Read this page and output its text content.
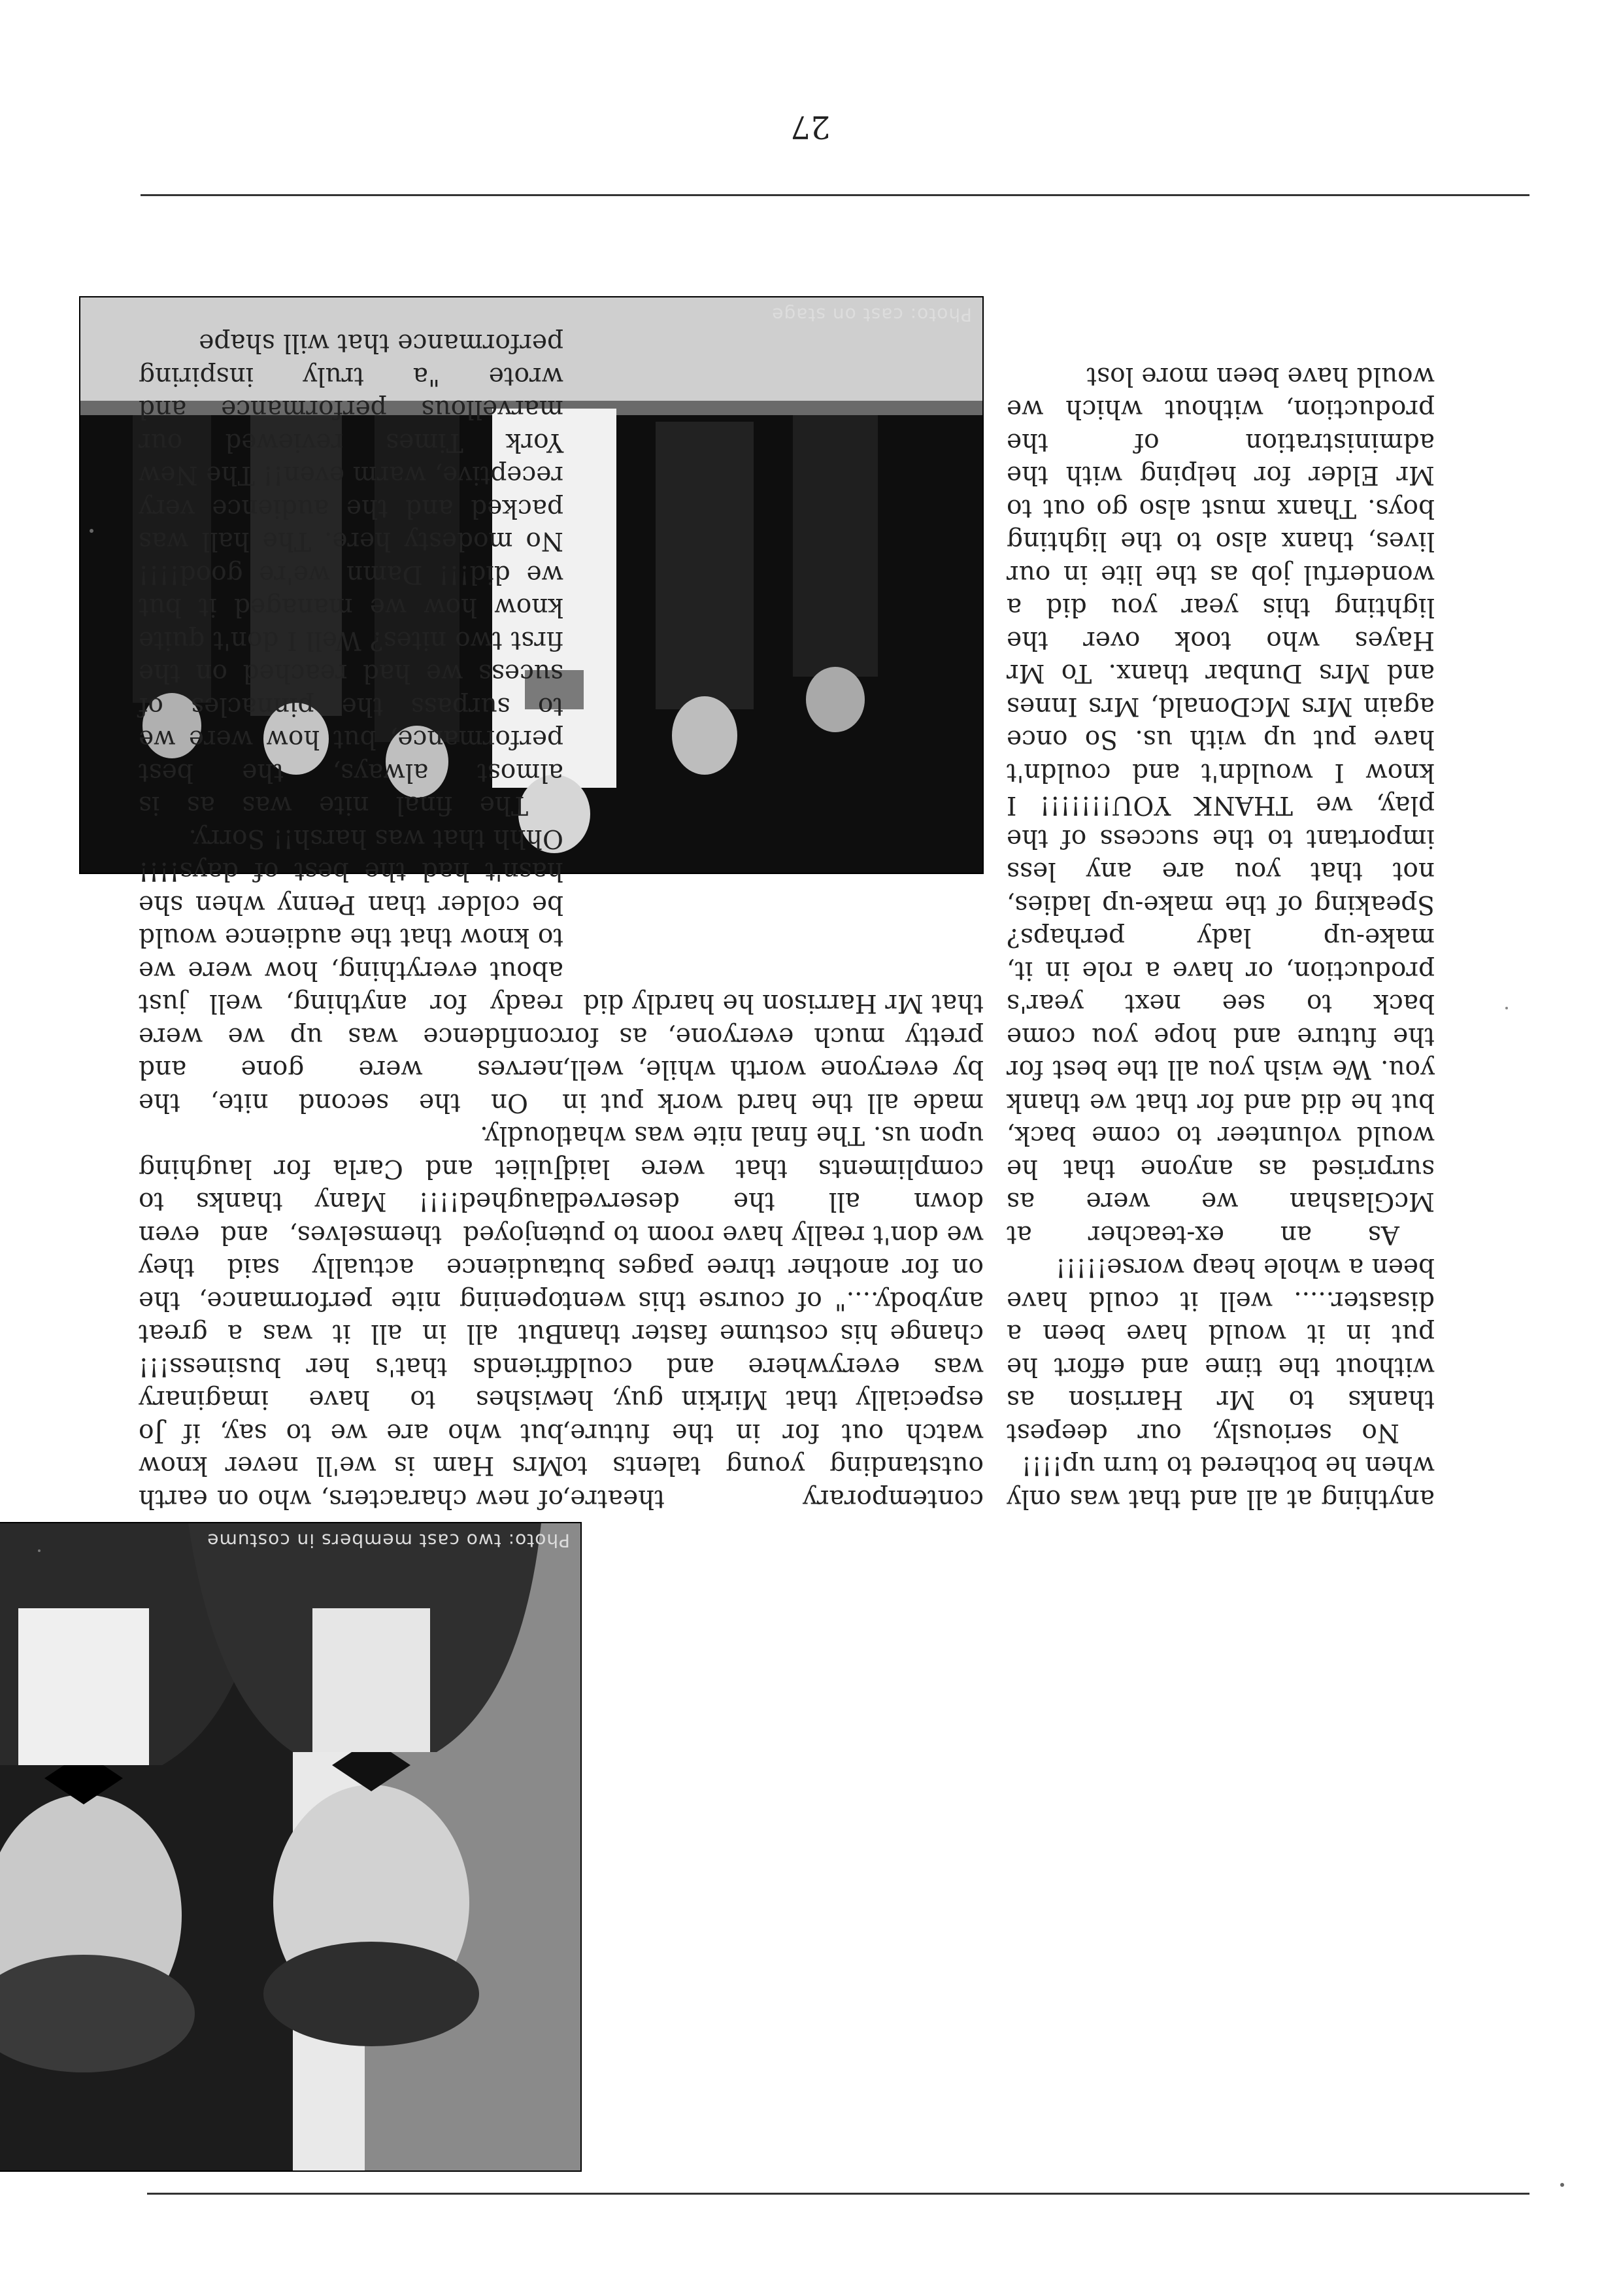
27
Photo: two cast members in costume
Photo: cast on stage

of new characters, who on earth Mrs Ham is we'll never know but who are we to say, if Jo wishes to have imaginary friends that's her business!!! But all in all it was a great opening nite performance, the audience actually said they enjoyed themselves, and even laughed!!!! Many thanks to Juliet and Carla for laughing loudly.

On the second nite, the nerves were gone and confidence was up we were ready for anything, well just about everything, how were we to know that the audience would be colder than Penny when she hasn't had the best of days!!!! Ohhh that was harsh!! Sorry.

The final nite was as is almost always, the best performance, but how were we to surpass the pinnacles of sucess we had reached on the first two nites? Well I don't quite know how we managed it but we did!!! Damn we're good!!!! No modesty here. The hall was packed and the audience very receptive, warm even!! The New York Times reviewed our marvellous performance and wrote "a truly inspiring performance that will shape

contemporary theatre, outstanding young talents to watch out for in the future, especially that Mirkin guy, he was everywhere and could change his costume faster than anybody...." of course this went on for another three pages but we don't really have room to put down all the deserved compliments that were laid upon us. The final nite was what made all the hard work put in by everyone worth while, well, pretty much everyone, as for that Mr Harrison he hardly did

anything at all and that was only when he bothered to turn up!!!!

No seriously, our deepest thanks to Mr Harrison as without the time and effort he put in it would have been a disaster..... well it could have been a whole heap worse!!!!!

As an ex-teacher at McGlashan we were as surprised as anyone that he would volunteer to come back, but he did and for that we thank you. We wish you all the best for the future and hope you come back to see next year's production, or have a role in it, make-up lady perhaps? Speaking of the make-up ladies, not that you are any less important to the success of the play, we THANK YOU!!!!!!! I know I wouldn't and couldn't have put up with us. So once again Mrs McDonald, Mrs Innes and Mrs Dunbar thanx. To Mr Hayes who took over the lighting this year you did a wonderful job as the lite in our lives, thanx also to the lighting boys. Thanx must also go out to Mr Elder for helping with the administration of the production, without which we would have been more lost
